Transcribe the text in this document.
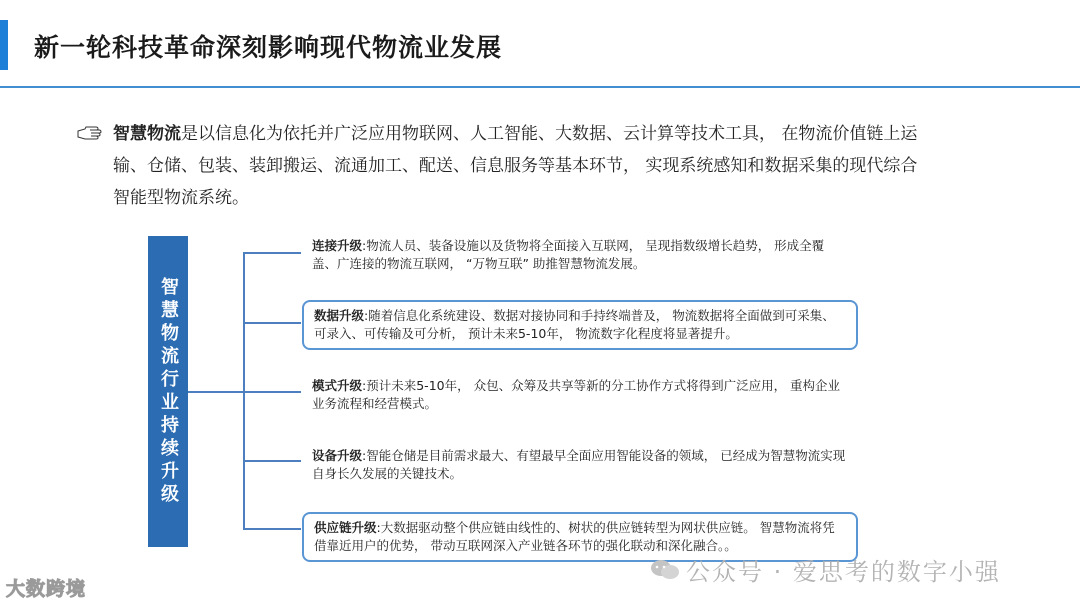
新一轮科技革命深刻影响现代物流业发展
智慧物流是以信息化为依托并广泛应用物联网、人工智能、大数据、云计算等技术工具， 在物流价值链上运输、仓储、包装、装卸搬运、流通加工、配送、信息服务等基本环节， 实现系统感知和数据采集的现代综合智能型物流系统。
智慧物流行业持续升级
连接升级:物流人员、装备设施以及货物将全面接入互联网， 呈现指数级增长趋势， 形成全覆盖、广连接的物流互联网， “万物互联” 助推智慧物流发展。
数据升级:随着信息化系统建设、数据对接协同和手持终端普及， 物流数据将全面做到可采集、可录入、可传输及可分析， 预计未来5-10年， 物流数字化程度将显著提升。
模式升级:预计未来5-10年， 众包、众筹及共享等新的分工协作方式将得到广泛应用， 重构企业业务流程和经营模式。
设备升级:智能仓储是目前需求最大、有望最早全面应用智能设备的领域， 已经成为智慧物流实现自身长久发展的关键技术。
供应链升级:大数据驱动整个供应链由线性的、树状的供应链转型为网状供应链。 智慧物流将凭借靠近用户的优势， 带动互联网深入产业链各环节的强化联动和深化融合。。
大数跨境
公众号 · 爱思考的数字小强
